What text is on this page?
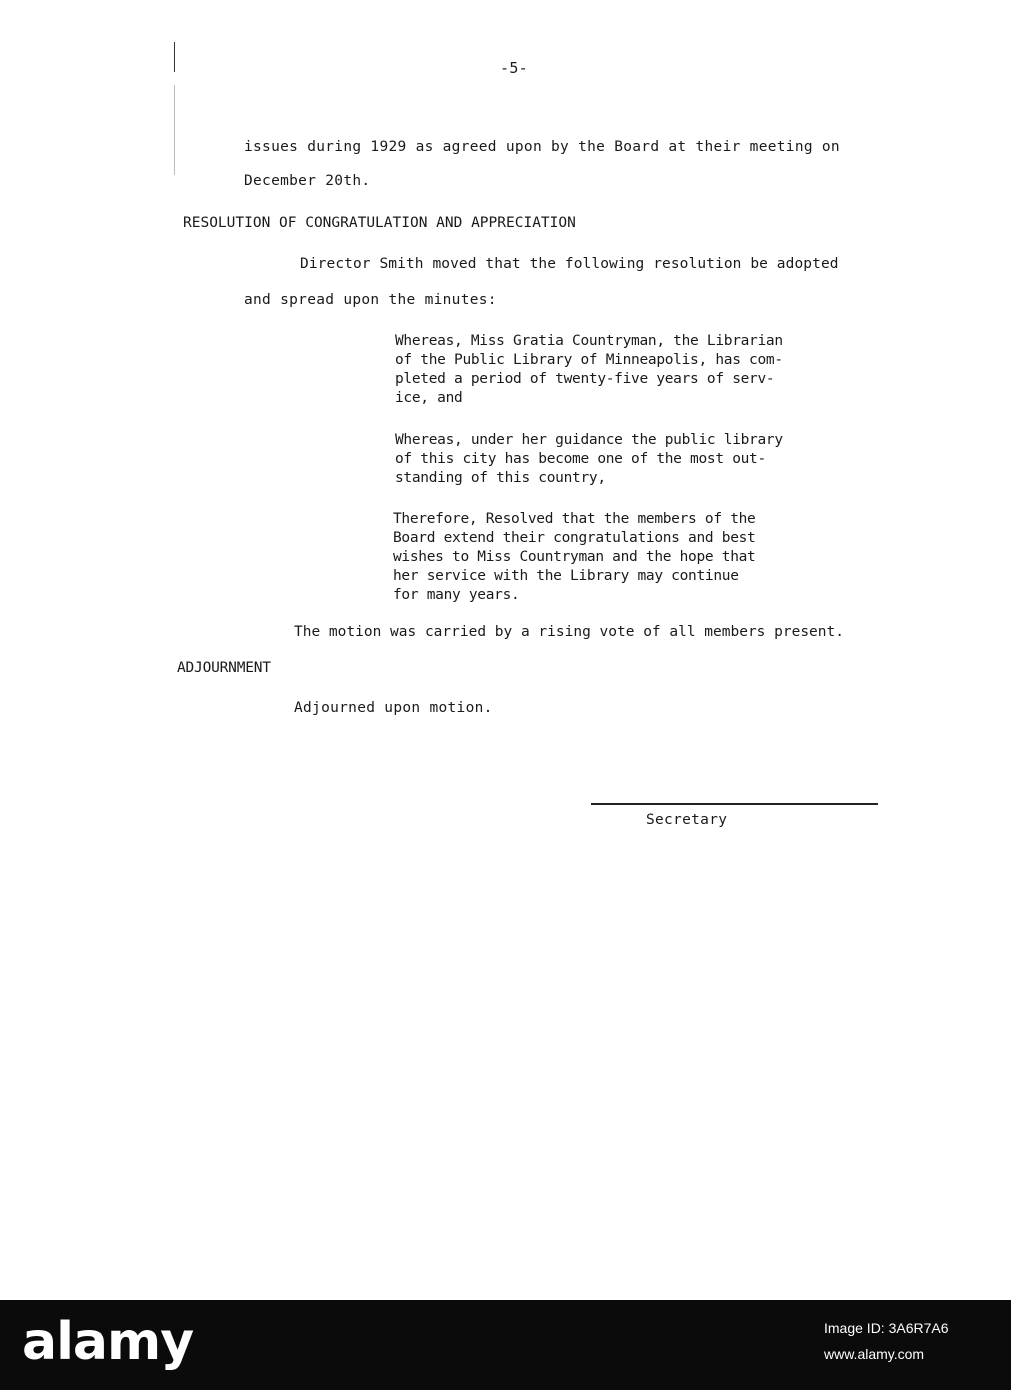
-5-
issues during 1929 as agreed upon by the Board at their meeting on
December 20th.
RESOLUTION OF CONGRATULATION AND APPRECIATION
Director Smith moved that the following resolution be adopted
and spread upon the minutes:
Whereas, Miss Gratia Countryman, the Librarian
of the Public Library of Minneapolis, has com-
pleted a period of twenty-five years of serv-
ice, and
Whereas, under her guidance the public library
of this city has become one of the most out-
standing of this country,
Therefore, Resolved that the members of the
Board extend their congratulations and best
wishes to Miss Countryman and the hope that
her service with the Library may continue
for many years.
The motion was carried by a rising vote of all members present.
ADJOURNMENT
Adjourned upon motion.
Secretary
alamy	Image ID: 3A6R7A6
www.alamy.com
